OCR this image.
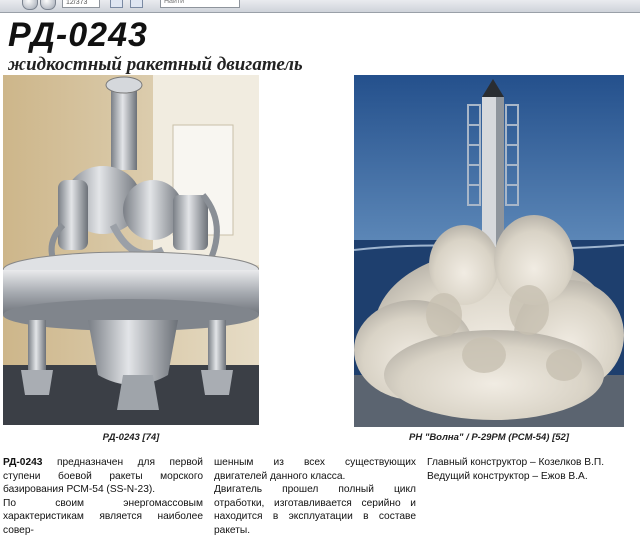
12/373
Найти
РД-0243
жидкостный ракетный двигатель
РД-0243 [74]	РН "Волна" / Р-29РМ (РСМ-54) [52]

РД-0243 предназначен для первой ступени боевой ракеты морского базирования РСМ-54 (SS-N-23).

По своим энергомассовым характеристикам является наиболее совер-

шенным из всех существующих двигателей данного класса.

Двигатель прошел полный цикл отработки, изготавливается серийно и находится в эксплуатации в составе ракеты.

Главный конструктор – Козелков В.П.

Ведущий конструктор – Ежов В.А.
